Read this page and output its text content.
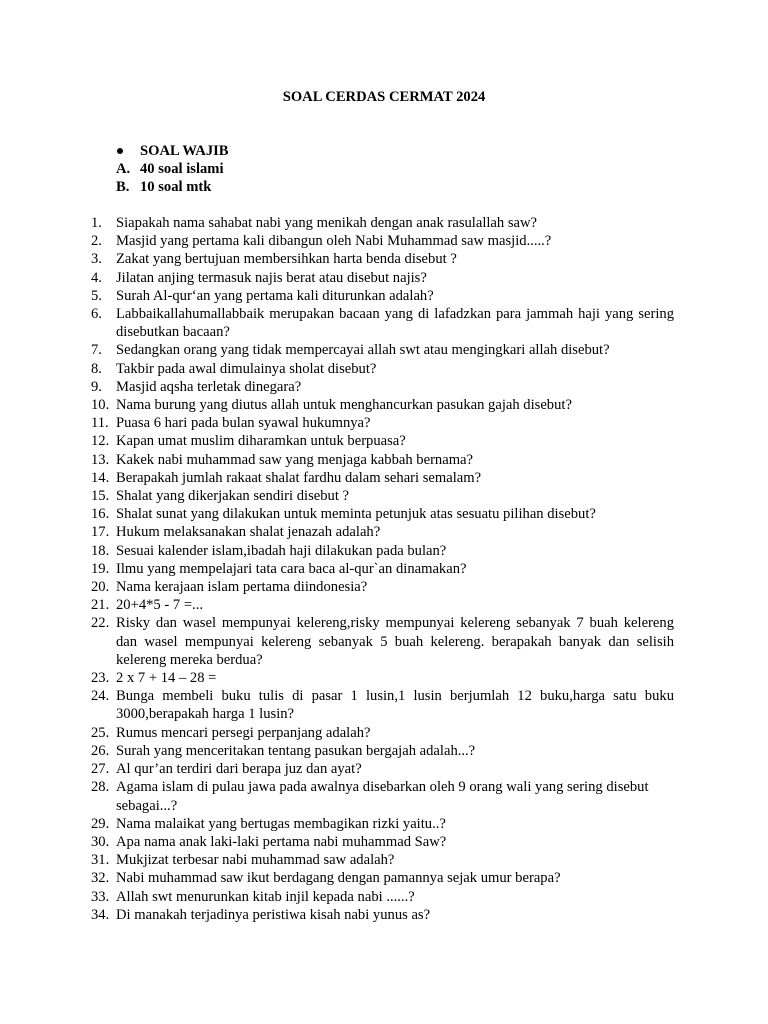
SOAL CERDAS CERMAT 2024
SOAL WAJIB
A. 40 soal islami
B. 10 soal mtk
1. Siapakah nama sahabat nabi yang menikah dengan anak rasulallah saw?
2. Masjid yang pertama kali dibangun oleh Nabi Muhammad saw masjid.....?
3. Zakat yang bertujuan membersihkan harta benda disebut ?
4. Jilatan anjing termasuk najis berat atau disebut najis?
5. Surah Al-qur‘an yang pertama kali diturunkan adalah?
6. Labbaikallahumallabbaik merupakan bacaan yang di lafadzkan para jammah haji yang sering disebutkan bacaan?
7. Sedangkan orang yang tidak mempercayai allah swt atau mengingkari allah disebut?
8. Takbir pada awal dimulainya sholat disebut?
9. Masjid aqsha terletak dinegara?
10. Nama burung yang diutus allah untuk menghancurkan pasukan gajah disebut?
11. Puasa 6 hari pada bulan syawal hukumnya?
12. Kapan umat muslim diharamkan untuk berpuasa?
13. Kakek nabi muhammad saw yang menjaga kabbah bernama?
14. Berapakah jumlah rakaat shalat fardhu dalam sehari semalam?
15. Shalat yang dikerjakan sendiri disebut ?
16. Shalat sunat yang dilakukan untuk meminta petunjuk atas sesuatu pilihan disebut?
17. Hukum melaksanakan shalat jenazah adalah?
18. Sesuai kalender islam,ibadah haji dilakukan pada bulan?
19. Ilmu yang mempelajari tata cara baca al-qur`an dinamakan?
20. Nama kerajaan islam pertama diindonesia?
21. 20+4*5 - 7 =...
22. Risky dan wasel mempunyai kelereng,risky mempunyai kelereng sebanyak 7 buah kelereng dan wasel mempunyai kelereng sebanyak 5 buah kelereng. berapakah banyak dan selisih kelereng mereka berdua?
23. 2 x 7 + 14 – 28 =
24. Bunga membeli buku tulis di pasar 1 lusin,1 lusin berjumlah 12 buku,harga satu buku 3000,berapakah harga 1 lusin?
25. Rumus mencari persegi perpanjang adalah?
26. Surah yang menceritakan tentang pasukan bergajah adalah...?
27. Al qur’an terdiri dari berapa juz dan ayat?
28. Agama islam di pulau jawa pada awalnya disebarkan oleh 9 orang wali yang sering disebut sebagai...?
29. Nama malaikat yang bertugas membagikan rizki yaitu..?
30. Apa nama anak laki-laki pertama nabi muhammad Saw?
31. Mukjizat terbesar nabi muhammad saw adalah?
32. Nabi muhammad saw ikut berdagang dengan pamannya sejak umur berapa?
33. Allah swt menurunkan kitab injil kepada nabi ......?
34. Di manakah terjadinya peristiwa kisah nabi yunus as?
